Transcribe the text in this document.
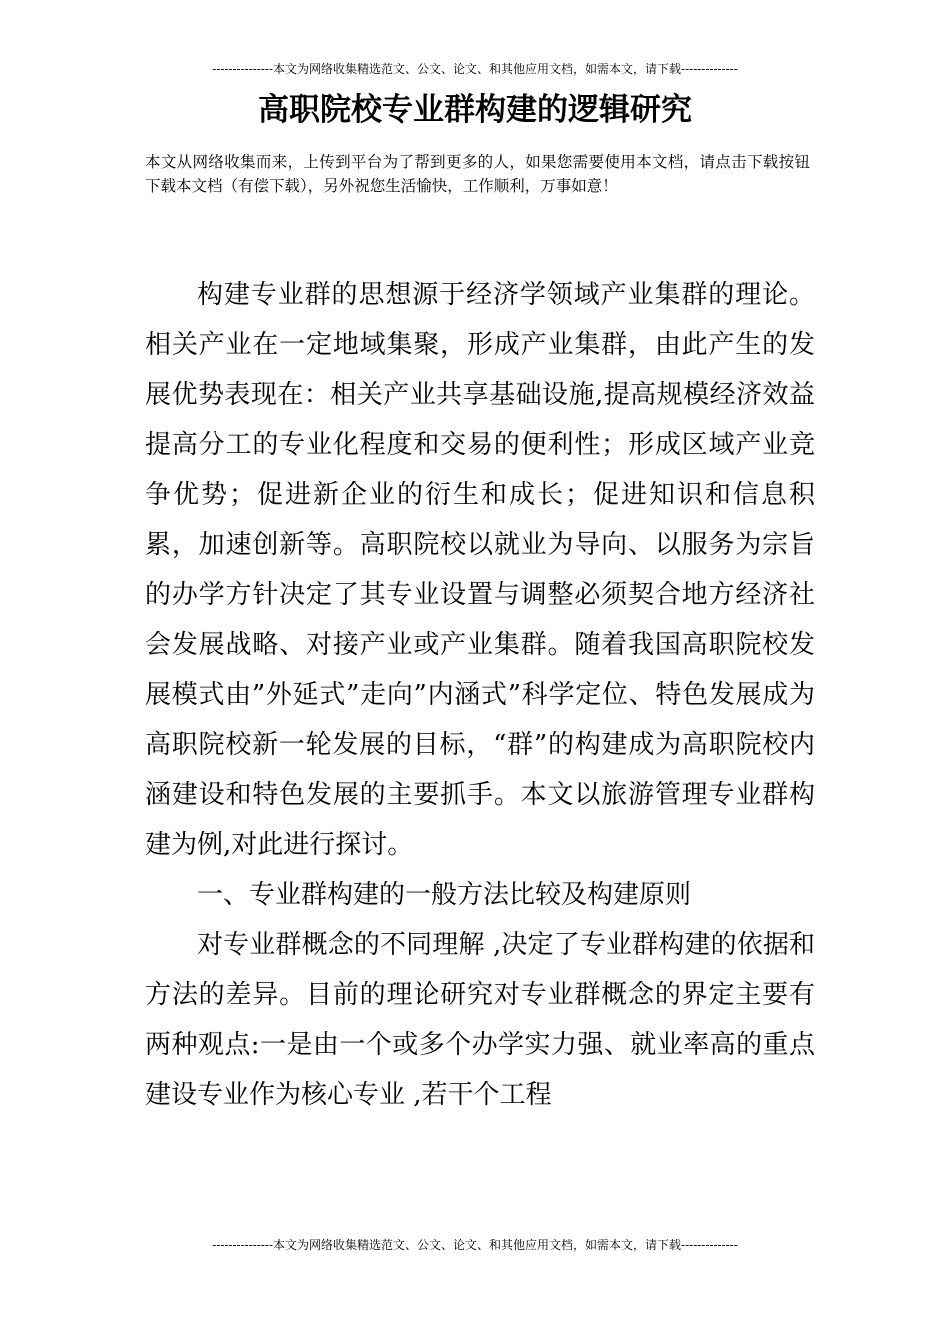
---------------本文为网络收集精选范文、公文、论文、和其他应用文档，如需本文，请下载--------------
高职院校专业群构建的逻辑研究

本文从网络收集而来，上传到平台为了帮到更多的人，如果您需要使用本文档，请点击下载按钮下载本文档（有偿下载），另外祝您生活愉快，工作顺利，万事如意！

构建专业群的思想源于经济学领域产业集群的理论。相关产业在一定地域集聚，形成产业集群，由此产生的发展优势表现在：相关产业共享基础设施,提高规模经济效益提高分工的专业化程度和交易的便利性；形成区域产业竞争优势；促进新企业的衍生和成长；促进知识和信息积累，加速创新等。高职院校以就业为导向、以服务为宗旨的办学方针决定了其专业设置与调整必须契合地方经济社会发展战略、对接产业或产业集群。随着我国高职院校发展模式由”外延式”走向”内涵式”科学定位、特色发展成为高职院校新一轮发展的目标，“群”的构建成为高职院校内涵建设和特色发展的主要抓手。本文以旅游管理专业群构建为例,对此进行探讨。

一、专业群构建的一般方法比较及构建原则

对专业群概念的不同理解 ,决定了专业群构建的依据和方法的差异。目前的理论研究对专业群概念的界定主要有两种观点:一是由一个或多个办学实力强、就业率高的重点建设专业作为核心专业 ,若干个工程

---------------本文为网络收集精选范文、公文、论文、和其他应用文档，如需本文，请下载--------------
